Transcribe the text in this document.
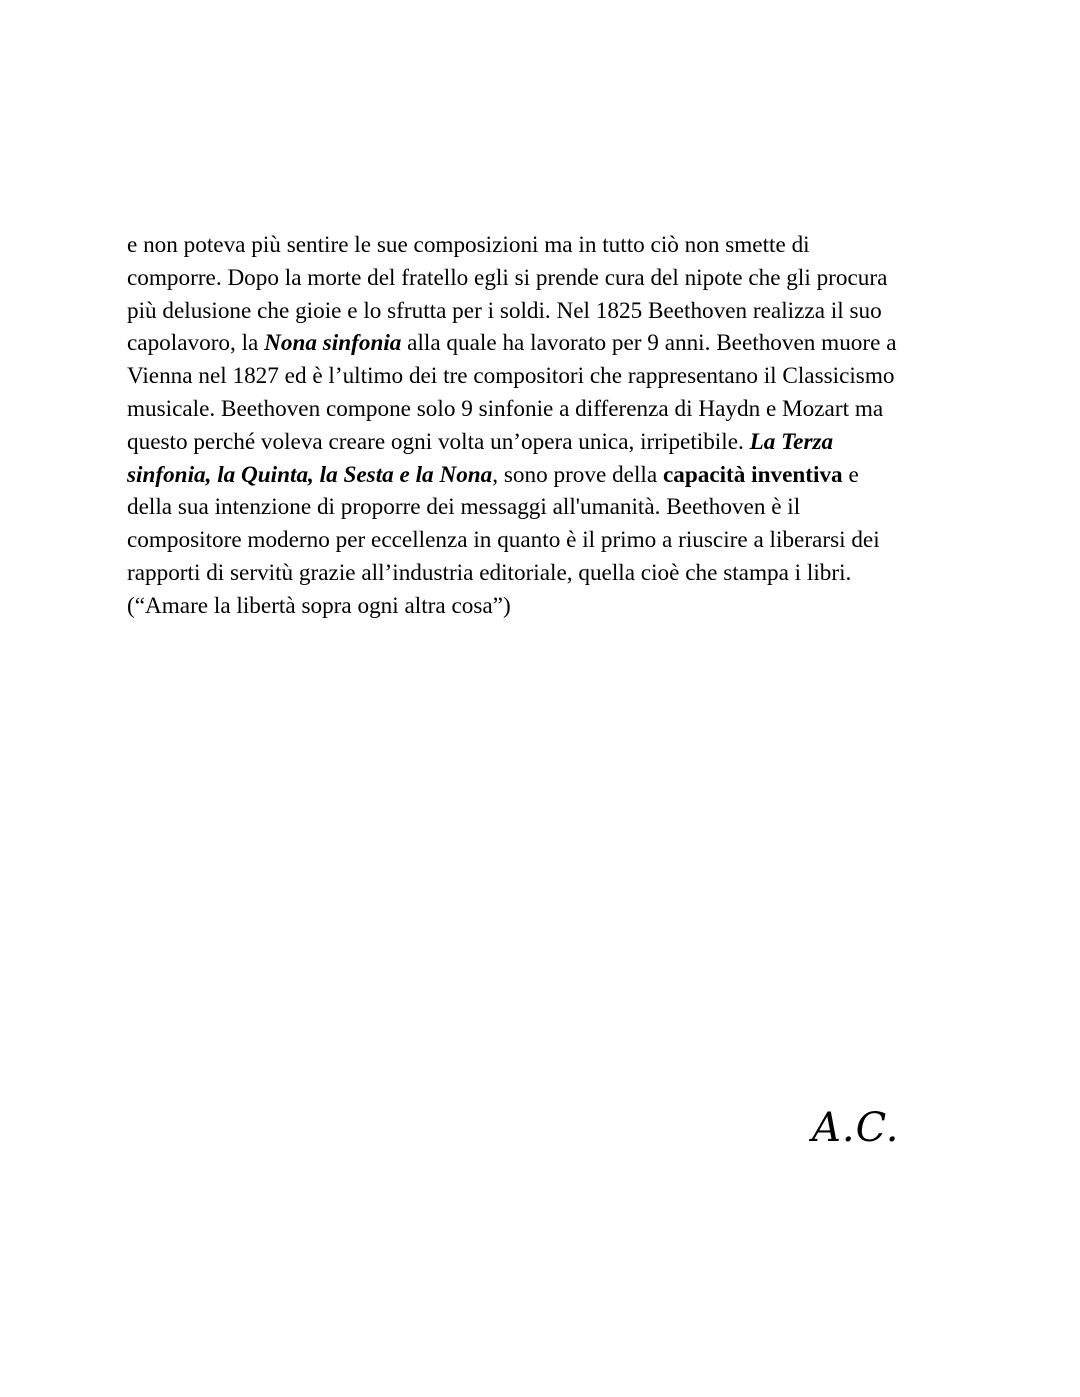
e non poteva più sentire le sue composizioni ma in tutto ciò non smette di
comporre. Dopo la morte del fratello egli si prende cura del nipote che gli procura
più delusione che gioie e lo sfrutta per i soldi. Nel 1825 Beethoven realizza il suo
capolavoro, la Nona sinfonia alla quale ha lavorato per 9 anni. Beethoven muore a
Vienna nel 1827 ed è l’ultimo dei tre compositori che rappresentano il Classicismo
musicale. Beethoven compone solo 9 sinfonie a differenza di Haydn e Mozart ma
questo perché voleva creare ogni volta un’opera unica, irripetibile. La Terza
sinfonia, la Quinta, la Sesta e la Nona, sono prove della capacità inventiva e
della sua intenzione di proporre dei messaggi all'umanità. Beethoven è il
compositore moderno per eccellenza in quanto è il primo a riuscire a liberarsi dei
rapporti di servitù grazie all’industria editoriale, quella cioè che stampa i libri.
(“Amare la libertà sopra ogni altra cosa”)

A.C.
